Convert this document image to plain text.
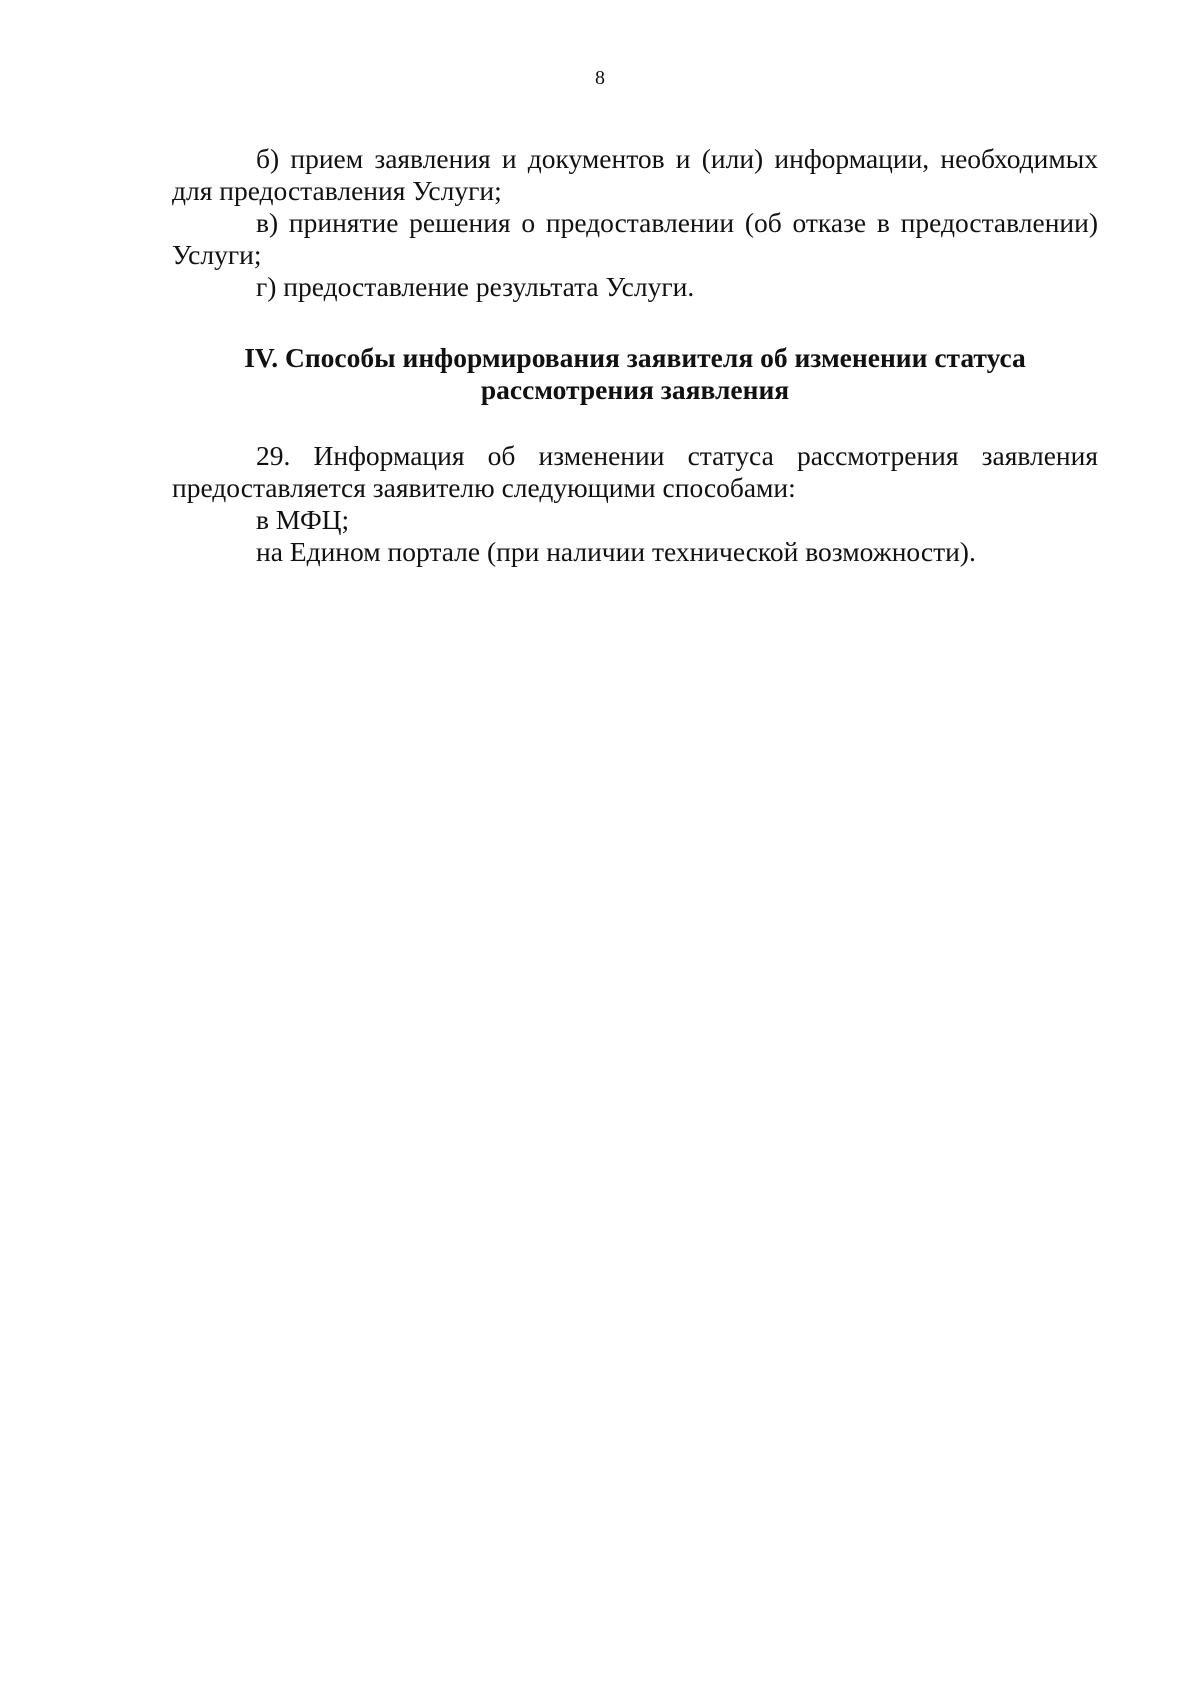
8

б) прием заявления и документов и (или) информации, необходимых для предоставления Услуги;

в) принятие решения о предоставлении (об отказе в предоставлении) Услуги;

г) предоставление результата Услуги.

IV. Способы информирования заявителя об изменении статуса
рассмотрения заявления

29. Информация об изменении статуса рассмотрения заявления предоставляется заявителю следующими способами:

в МФЦ;

на Едином портале (при наличии технической возможности).
